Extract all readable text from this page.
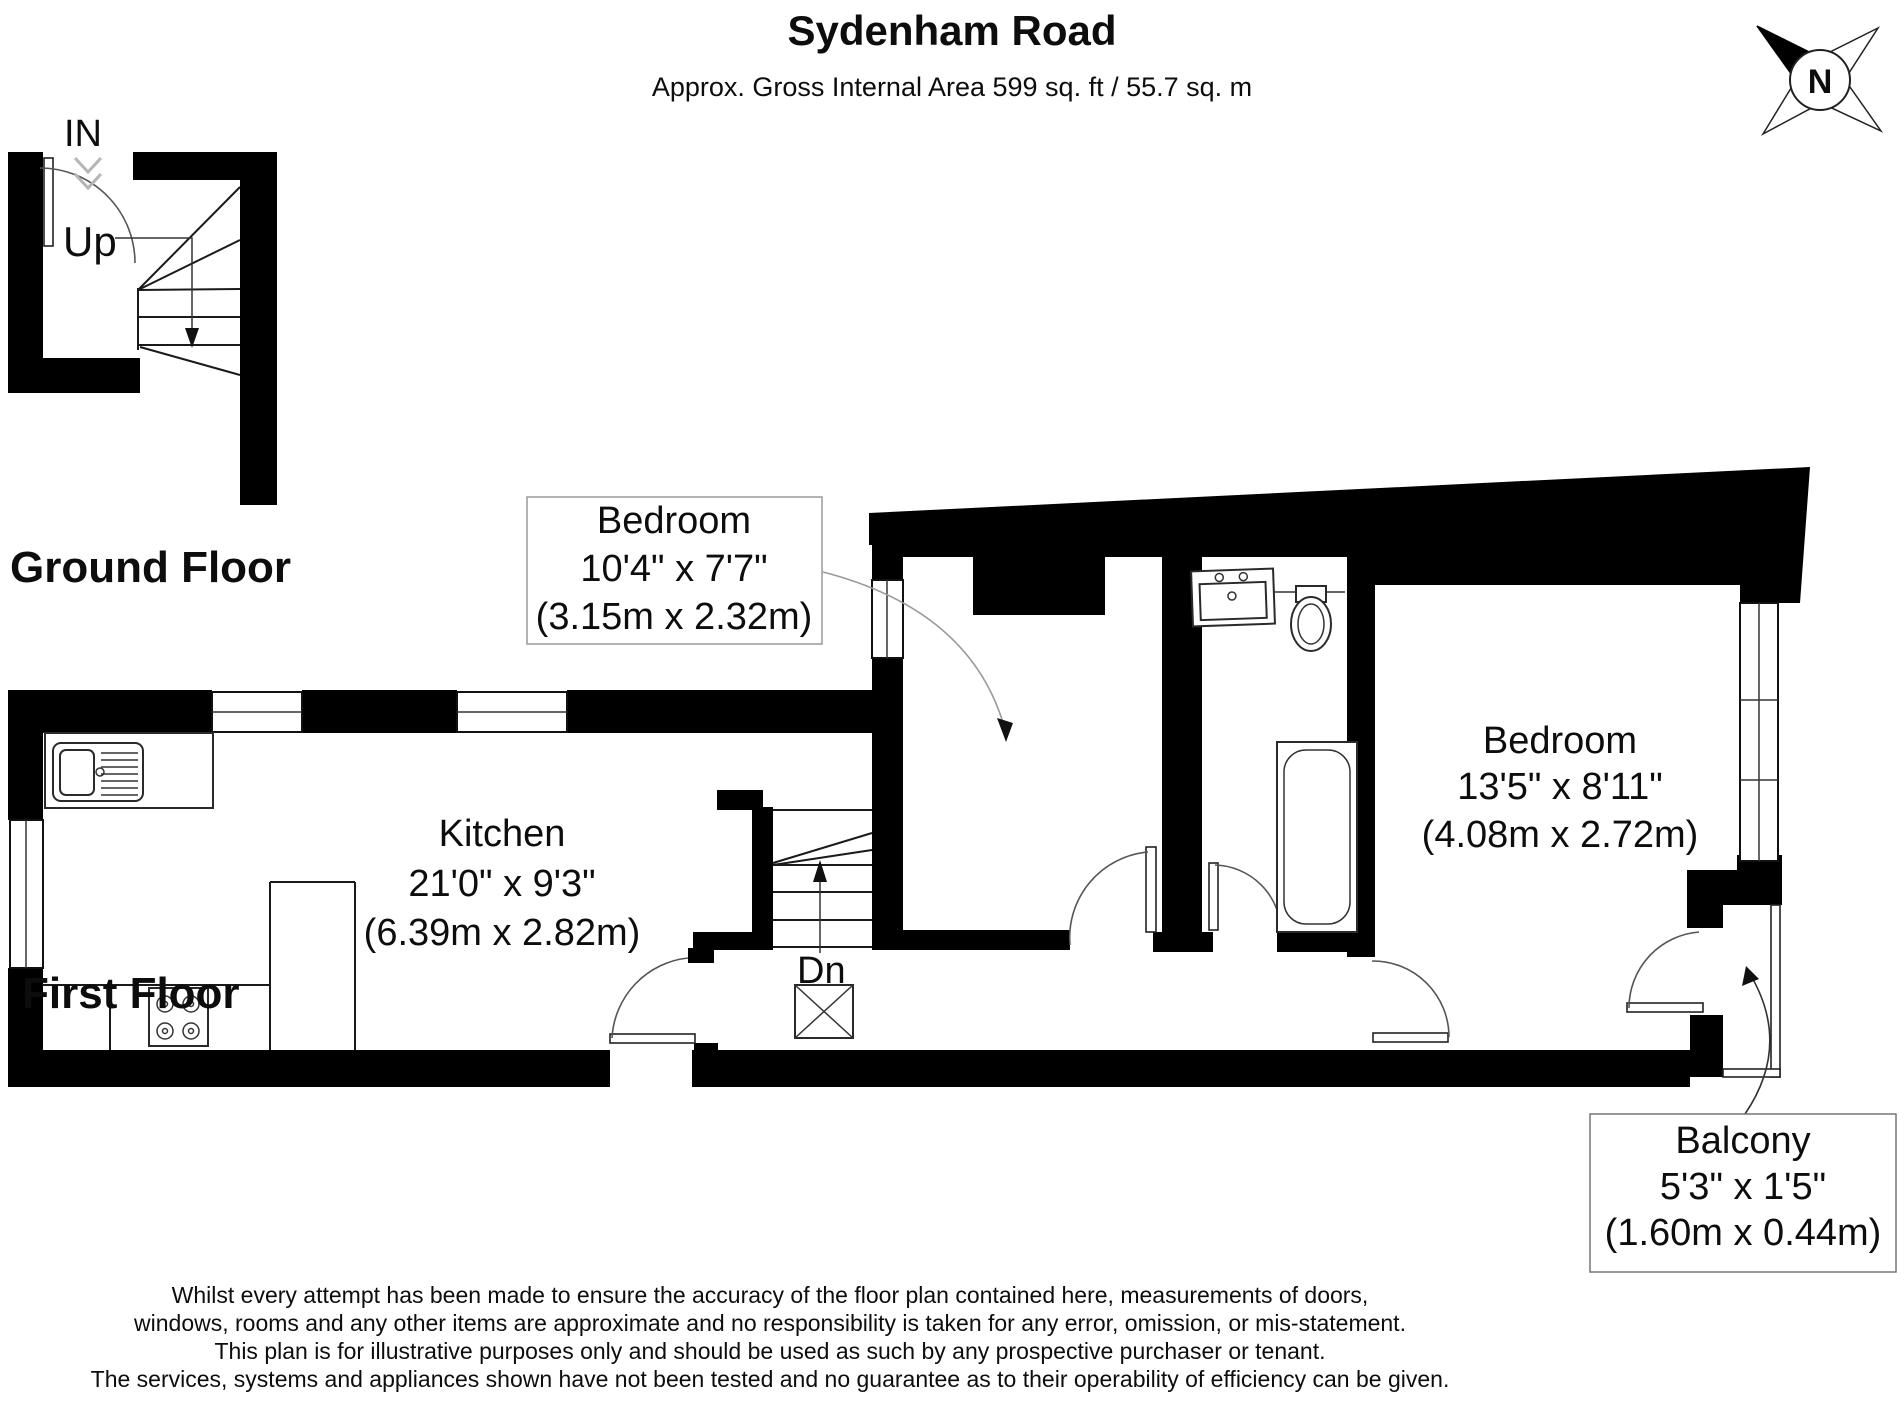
Sydenham Road
Approx. Gross Internal Area 599 sq. ft / 55.7 sq. m	N
IN
Up
Ground Floor
Kitchen
21'0" x 9'3"
(6.39m x 2.82m)
Bedroom
13'5" x 8'11"
(4.08m x 2.72m)
Dn
Bedroom
10'4" x 7'7"
(3.15m x 2.32m)
Balcony
5'3" x 1'5"
(1.60m x 0.44m)
First Floor
Whilst every attempt has been made to ensure the accuracy of the floor plan contained here, measurements of doors,
windows, rooms and any other items are approximate and no responsibility is taken for any error, omission, or mis-statement.
This plan is for illustrative purposes only and should be used as such by any prospective purchaser or tenant.
The services, systems and appliances shown have not been tested and no guarantee as to their operability of efficiency can be given.
